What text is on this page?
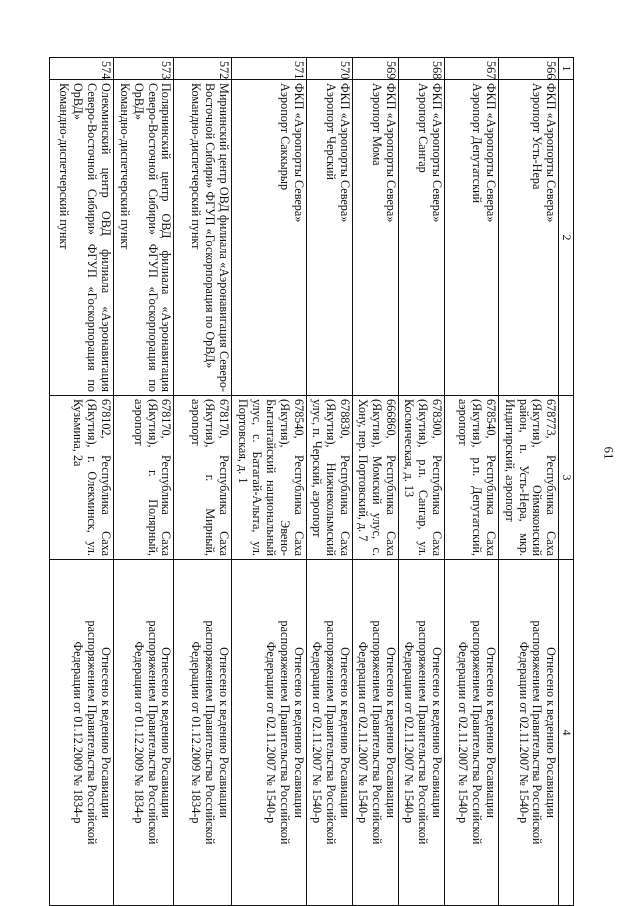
61
1	2	3	4
566	ФКП «Аэропорты Севера»
Аэропорт Усть-Нера	678773, Республика Саха (Якутия), Оймяконский район, п. Усть-Нера, мкр. Индигирский, аэропорт	Отнесено к ведению Росавиации
распоряжением Правительства Российской
Федерации от 02.11.2007 № 1540-р

567	ФКП «Аэропорты Севера»
Аэропорт Депутатский	678540, Республика Саха (Якутия), р.п. Депутатский, аэропорт	Отнесено к ведению Росавиации
распоряжением Правительства Российской
Федерации от 02.11.2007 № 1540-р

568	ФКП «Аэропорты Севера»
Аэропорт Сангар	678300, Республика Саха (Якутия), р.п. Сангар, ул. Космическая, д. 13	Отнесено к ведению Росавиации
распоряжением Правительства Российской
Федерации от 02.11.2007 № 1540-р

569	ФКП «Аэропорты Севера»
Аэропорт Мома	666860, Республика Саха (Якутия), Момский улус, с. Хону, пер. Портовский, д. 7	Отнесено к ведению Росавиации
распоряжением Правительства Российской
Федерации от 02.11.2007 № 1540-р

570	ФКП «Аэропорты Севера»
Аэропорт Черский	678830, Республика Саха (Якутия), Нижнеколымский улус, п. Черский, аэропорт	Отнесено к ведению Росавиации
распоряжением Правительства Российской
Федерации от 02.11.2007 № 1540-р

571	ФКП «Аэропорты Севера»
Аэропорт Саккырыр	678540, Республика Саха (Якутия), Эвено-Бытантайский национальный улус, с. Батагай-Алыта, ул. Портовская, д. 1	Отнесено к ведению Росавиации
распоряжением Правительства Российской
Федерации от 02.11.2007 № 1540-р

572	Мирнинский центр ОВД филиала «Аэронавигация Северо-Восточной Сибири» ФГУП «Госкорпорация по ОрВД»
Командно-диспетчерский пункт	678170, Республика Саха (Якутия), г. Мирный, аэропорт	Отнесено к ведению Росавиации
распоряжением Правительства Российской
Федерации от 01.12.2009 № 1834-р

573	Полярнинский центр ОВД филиала «Аэронавигация Северо-Восточной Сибири» ФГУП «Госкорпорация по ОрВД»
Командно-диспетчерский пункт	678170, Республика Саха (Якутия), г. Полярный, аэропорт	Отнесено к ведению Росавиации
распоряжением Правительства Российской
Федерации от 01.12.2009 № 1834-р

574	Олекминский центр ОВД филиала «Аэронавигация Северо-Восточной Сибири» ФГУП «Госкорпорация по ОрВД»
Командно-диспетчерский пункт	678102, Республика Саха (Якутия), г. Олекминск, ул. Кузьмина, 2а	Отнесено к ведению Росавиации
распоряжением Правительства Российской
Федерации от 01.12.2009 № 1834-р
